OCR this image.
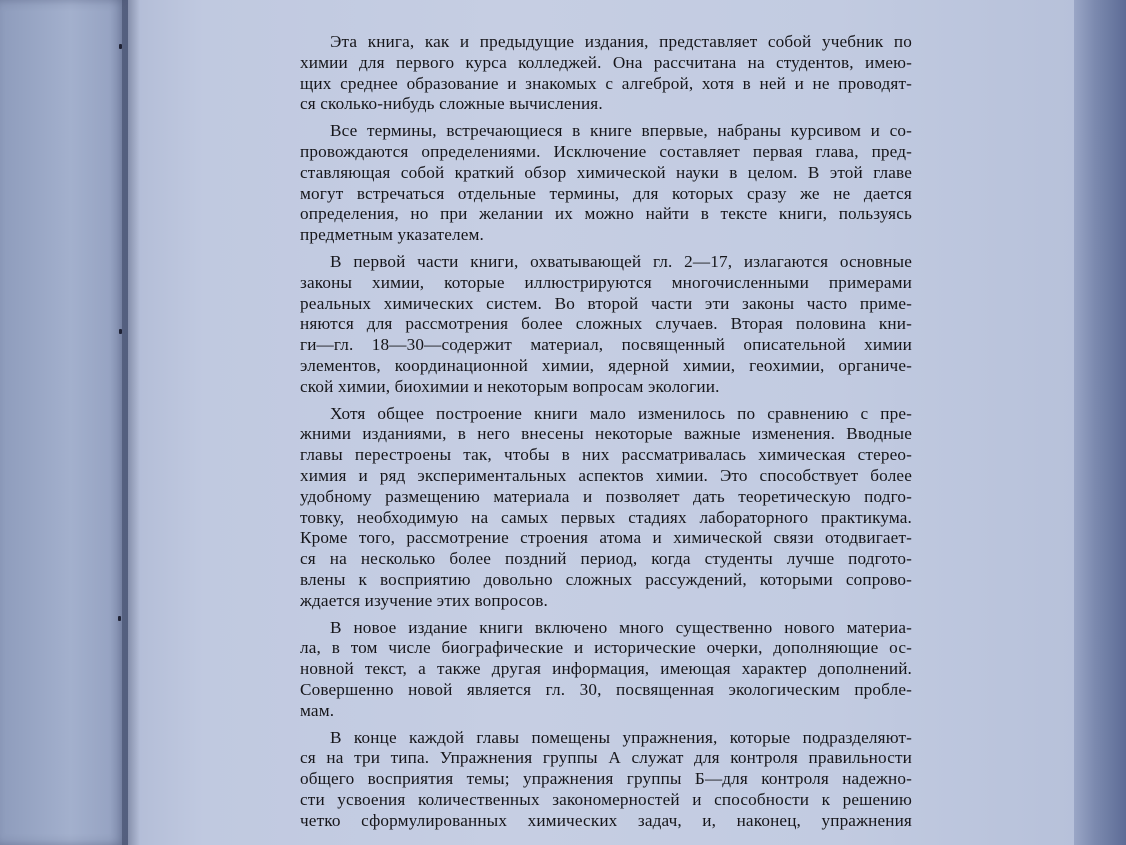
Эта книга, как и предыдущие издания, представляет собой учебник по
химии для первого курса колледжей. Она рассчитана на студентов, имею-
щих среднее образование и знакомых с алгеброй, хотя в ней и не проводят-
ся сколько-нибудь сложные вычисления.
Все термины, встречающиеся в книге впервые, набраны курсивом и со-
провождаются определениями. Исключение составляет первая глава, пред-
ставляющая собой краткий обзор химической науки в целом. В этой главе
могут встречаться отдельные термины, для которых сразу же не дается
определения, но при желании их можно найти в тексте книги, пользуясь
предметным указателем.
В первой части книги, охватывающей гл. 2—17, излагаются основные
законы химии, которые иллюстрируются многочисленными примерами
реальных химических систем. Во второй части эти законы часто приме-
няются для рассмотрения более сложных случаев. Вторая половина кни-
ги—гл. 18—30—содержит материал, посвященный описательной химии
элементов, координационной химии, ядерной химии, геохимии, органиче-
ской химии, биохимии и некоторым вопросам экологии.
Хотя общее построение книги мало изменилось по сравнению с пре-
жними изданиями, в него внесены некоторые важные изменения. Вводные
главы перестроены так, чтобы в них рассматривалась химическая стерео-
химия и ряд экспериментальных аспектов химии. Это способствует более
удобному размещению материала и позволяет дать теоретическую подго-
товку, необходимую на самых первых стадиях лабораторного практикума.
Кроме того, рассмотрение строения атома и химической связи отодвигает-
ся на несколько более поздний период, когда студенты лучше подгото-
влены к восприятию довольно сложных рассуждений, которыми сопрово-
ждается изучение этих вопросов.
В новое издание книги включено много существенно нового материа-
ла, в том числе биографические и исторические очерки, дополняющие ос-
новной текст, а также другая информация, имеющая характер дополнений.
Совершенно новой является гл. 30, посвященная экологическим пробле-
мам.
В конце каждой главы помещены упражнения, которые подразделяют-
ся на три типа. Упражнения группы А служат для контроля правильности
общего восприятия темы; упражнения группы Б—для контроля надежно-
сти усвоения количественных закономерностей и способности к решению
четко сформулированных химических задач, и, наконец, упражнения
